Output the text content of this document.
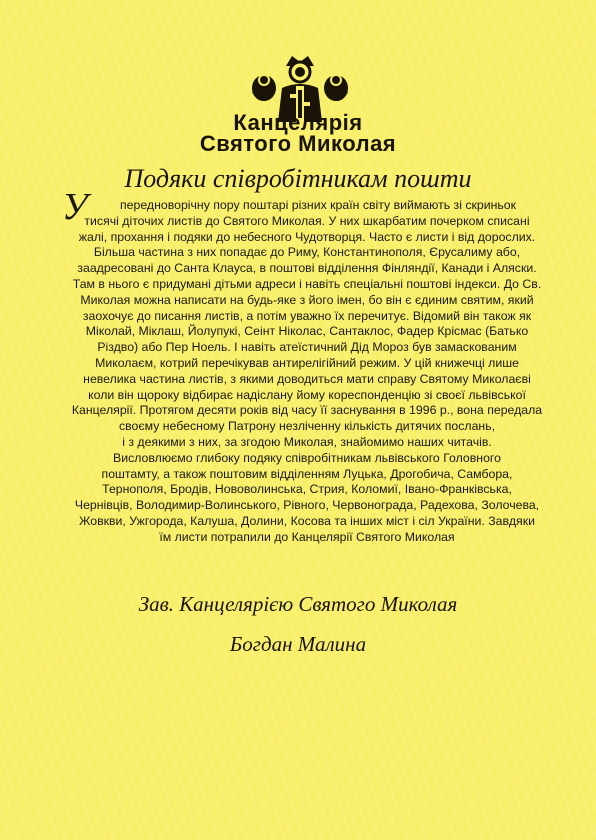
Канцелярія
Святого Миколая
Подяки співробітникам пошти
У	передноворічну пору поштарі різних країн світу виймають зі скриньок
тисячі діточих листів до Святого Миколая. У них шкарбатим почерком списані
жалі, прохання і подяки до небесного Чудотворця. Часто є листи і від дорослих.
Більша частина з них попадає до Риму, Константинополя, Єрусалиму або,
заадресовані до Санта Клауса, в поштові відділення Фінляндії, Канади і Аляски.
Там в нього є придумані дітьми адреси і навіть спеціальні поштові індекси. До Св.
Миколая можна написати на будь-яке з його імен, бо він є єдиним святим, який
заохочує до писання листів, а потім уважно їх перечитує. Відомий він також як
Міколай, Міклаш, Йолупукі, Сеінт Ніколас, Сантаклос, Фадер Крісмас (Батько
Різдво) або Пер Ноель. І навіть атеїстичний Дід Мороз був замаскованим
Миколаєм, котрий перечікував антирелігійний режим. У цій книжечці лише
невелика частина листів, з якими доводиться мати справу Святому Миколаєві
коли він щороку відбирає надісланy йому кореспонденцію зі своєї львівської
Канцелярії. Протягом десяти років від часу її заснування в 1996 р., вона передала
своєму небесному Патрону незліченну кількість дитячих послань,
і з деякими з них, за згодою Миколая, знайомимо наших читачів.
Висловлюємо глибоку подяку співробітникам львівського Головного
поштамту, а також поштовим відділенням Луцька, Дрогобича, Самбора,
Тернополя, Бродів, Нововолинська, Стрия, Коломиї, Івано-Франківська,
Чернівців, Володимир-Волинського, Рівного, Червонограда, Радехова, Золочева,
Жовкви, Ужгорода, Калуша, Долини, Косова та інших міст і сіл України. Завдяки
їм листи потрапили до Канцелярії Святого Миколая
Зав. Канцелярією Святого Миколая
Богдан Малина
